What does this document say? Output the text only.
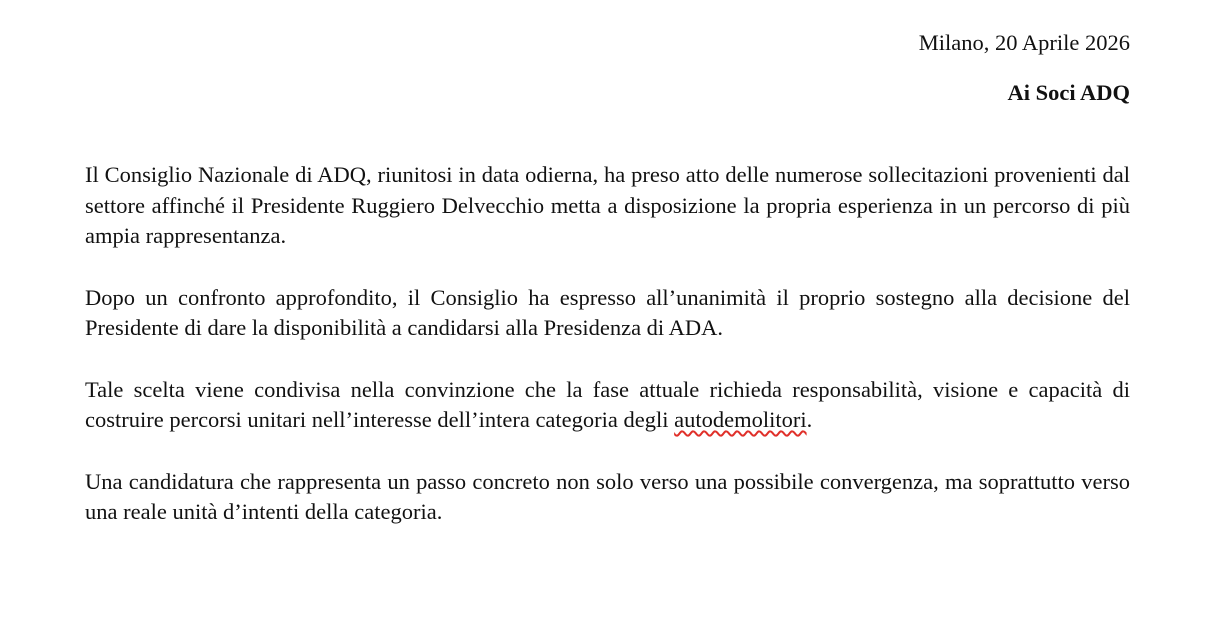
Milano, 20 Aprile 2026

Ai Soci ADQ

Il Consiglio Nazionale di ADQ, riunitosi in data odierna, ha preso atto delle numerose sollecitazioni provenienti dal settore affinché il Presidente Ruggiero Delvecchio metta a disposizione la propria esperienza in un percorso di più ampia rappresentanza.

Dopo un confronto approfondito, il Consiglio ha espresso all’unanimità il proprio sostegno alla decisione del Presidente di dare la disponibilità a candidarsi alla Presidenza di ADA.

Tale scelta viene condivisa nella convinzione che la fase attuale richieda responsabilità, visione e capacità di costruire percorsi unitari nell’interesse dell’intera categoria degli autodemolitori.

Una candidatura che rappresenta un passo concreto non solo verso una possibile convergenza, ma soprattutto verso una reale unità d’intenti della categoria.
